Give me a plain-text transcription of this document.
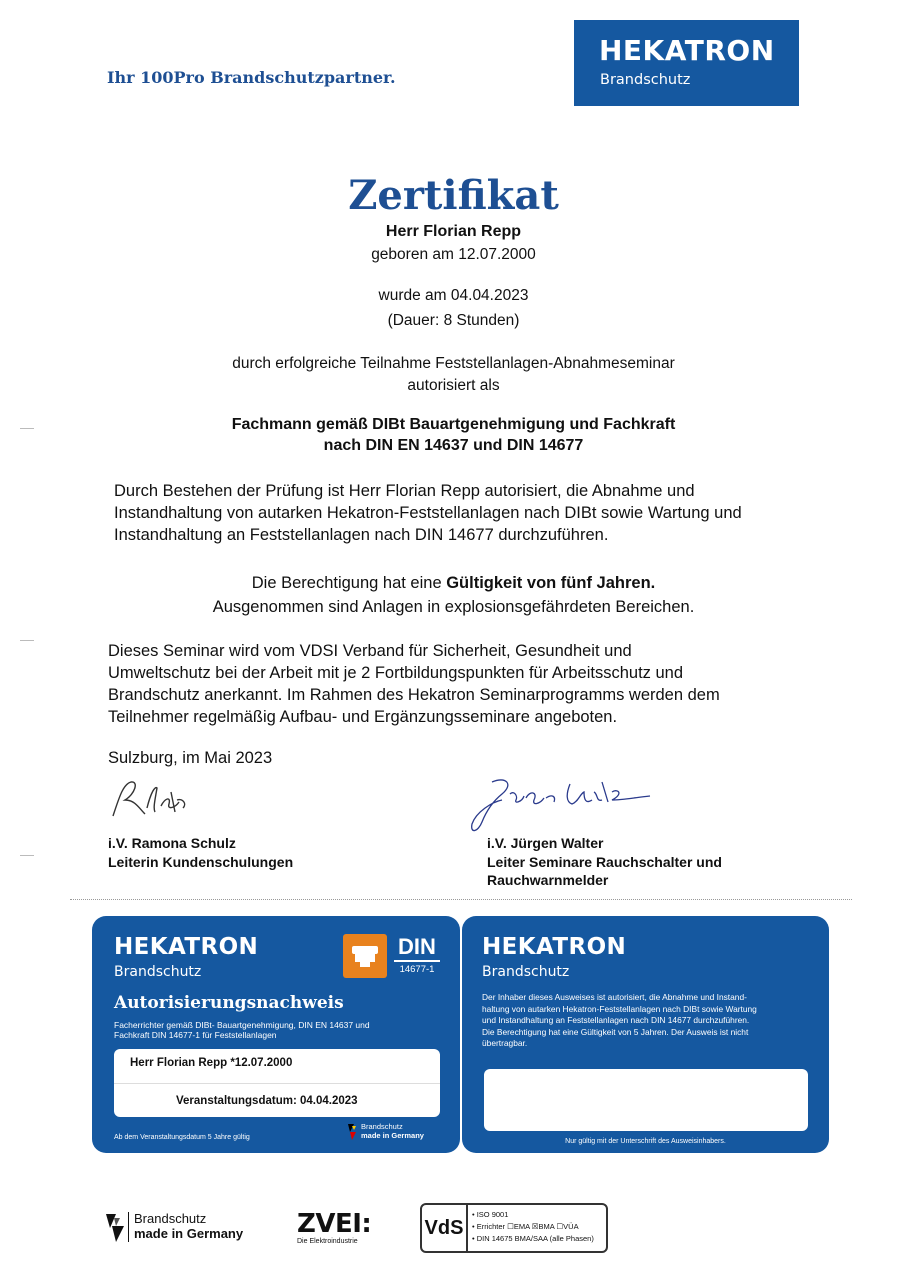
Ihr 100Pro Brandschutzpartner.
HEKATRON
Brandschutz
Zertifikat
Herr Florian Repp
geboren am 12.07.2000
wurde am 04.04.2023
(Dauer: 8 Stunden)
durch erfolgreiche Teilnahme Feststellanlagen-Abnahmeseminar
autorisiert als
Fachmann gemäß DIBt Bauartgenehmigung und Fachkraft
nach DIN EN 14637 und DIN 14677
Durch Bestehen der Prüfung ist Herr Florian Repp autorisiert, die Abnahme und
Instandhaltung von autarken Hekatron-Feststellanlagen nach DIBt sowie Wartung und
Instandhaltung an Feststellanlagen nach DIN 14677 durchzuführen.
Die Berechtigung hat eine Gültigkeit von fünf Jahren.
Ausgenommen sind Anlagen in explosionsgefährdeten Bereichen.
Dieses Seminar wird vom VDSI Verband für Sicherheit, Gesundheit und
Umweltschutz bei der Arbeit mit je 2 Fortbildungspunkten für Arbeitsschutz und
Brandschutz anerkannt. Im Rahmen des Hekatron Seminarprogramms werden dem
Teilnehmer regelmäßig Aufbau- und Ergänzungsseminare angeboten.
Sulzburg, im Mai 2023
i.V. Ramona Schulz
Leiterin Kundenschulungen
i.V. Jürgen Walter
Leiter Seminare Rauchschalter und
Rauchwarnmelder
HEKATRON
Brandschutz
DIN
14677-1
Autorisierungsnachweis
Facherrichter gemäß DIBt- Bauartgenehmigung, DIN EN 14637 und
Fachkraft DIN 14677-1 für Feststellanlagen
Herr Florian Repp *12.07.2000
Veranstaltungsdatum: 04.04.2023
Ab dem Veranstaltungsdatum 5 Jahre gültig
Brandschutz
made in Germany
HEKATRON
Brandschutz
Der Inhaber dieses Ausweises ist autorisiert, die Abnahme und Instand-
haltung von autarken Hekatron-Feststellanlagen nach DIBt sowie Wartung
und Instandhaltung an Feststellanlagen nach DIN 14677 durchzuführen.
Die Berechtigung hat eine Gültigkeit von 5 Jahren. Der Ausweis ist nicht
übertragbar.
Nur gültig mit der Unterschrift des Ausweisinhabers.
Brandschutz
made in Germany ZVEI:
Die Elektroindustrie
VdS
• ISO 9001
• Errichter ☐EMA ☒BMA ☐VÜA
• DIN 14675 BMA/SAA (alle Phasen)
